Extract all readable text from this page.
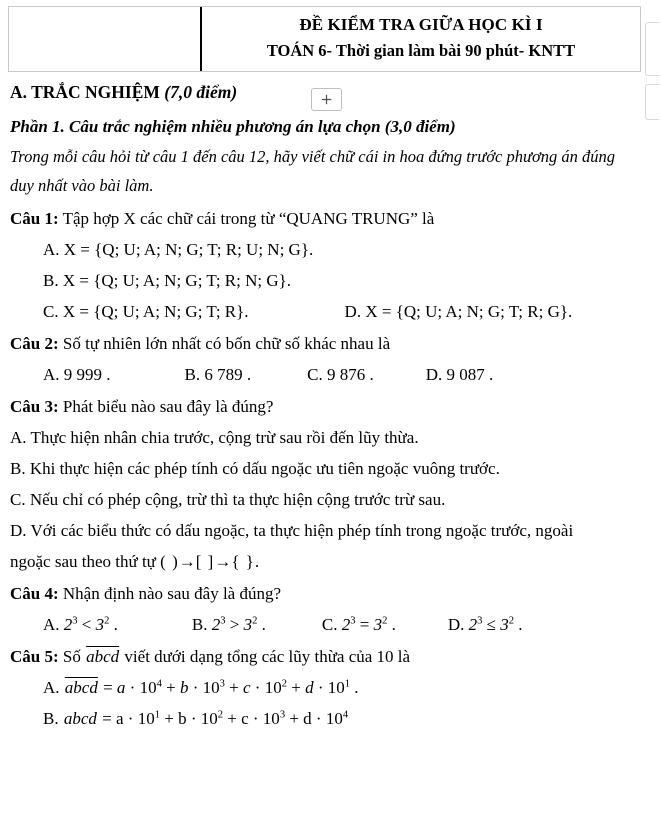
ĐỀ KIỂM TRA GIỮA HỌC KÌ I
TOÁN 6- Thời gian làm bài 90 phút- KNTT
A. TRẮC NGHIỆM (7,0 điểm)
Phần 1. Câu trắc nghiệm nhiều phương án lựa chọn (3,0 điểm)
Trong mỗi câu hỏi từ câu 1 đến câu 12, hãy viết chữ cái in hoa đứng trước phương án đúng
duy nhất vào bài làm.
Câu 1: Tập hợp X các chữ cái trong từ “QUANG TRUNG” là
A. X = {Q; U; A; N; G; T; R; U; N; G}.
B. X = {Q; U; A; N; G; T; R; N; G}.
C. X = {Q; U; A; N; G; T; R}.	D. X = {Q; U; A; N; G; T; R; G}.
Câu 2: Số tự nhiên lớn nhất có bốn chữ số khác nhau là
A. 9 999 .	B. 6 789 .	C. 9 876 .	D. 9 087 .
Câu 3: Phát biểu nào sau đây là đúng?
A. Thực hiện nhân chia trước, cộng trừ sau rồi đến lũy thừa.
B. Khi thực hiện các phép tính có dấu ngoặc ưu tiên ngoặc vuông trước.
C. Nếu chỉ có phép cộng, trừ thì ta thực hiện cộng trước trừ sau.
D. Với các biểu thức có dấu ngoặc, ta thực hiện phép tính trong ngoặc trước, ngoài
ngoặc sau theo thứ tự ( )→[ ]→{ }.
Câu 4: Nhận định nào sau đây là đúng?
A. $2^3 < 3^2$ .	B. $2^3 > 3^2$ .	C. $2^3 = 3^2$ .	D. $2^3 \le 3^2$ .
Câu 5: Số abcd viết dưới dạng tổng các lũy thừa của 10 là
A. abcd = $a \cdot 10^4 + b \cdot 10^3 + c \cdot 10^2 + d \cdot 10^1$ .
B. abcd = $a \cdot 10^1 + b \cdot 10^2 + c \cdot 10^3 + d \cdot 10^4$
